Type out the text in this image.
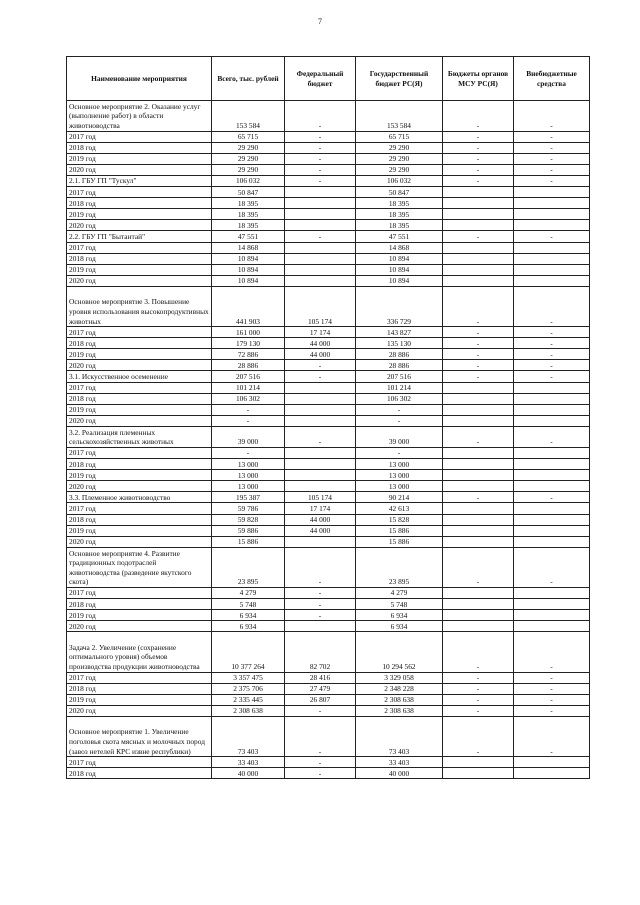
7
Наименование мероприятия	Всего, тыс. рублей	Федеральный бюджет	Государственный бюджет РС(Я)	Бюджеты органов МСУ РС(Я)	Внебюджетные средства
Основное мероприятие 2. Оказание услуг (выполнение работ) в области животноводства	153 584	-	153 584	-	-
2017 год	65 715	-	65 715	-	-
2018 год	29 290	-	29 290	-	-
2019 год	29 290	-	29 290	-	-
2020 год	29 290	-	29 290	-	-
2.1. ГБУ ГП "Тускул"	106 032	-	106 032	-	-
2017 год	50 847		50 847		
2018 год	18 395		18 395		
2019 год	18 395		18 395		
2020 год	18 395		18 395		
2.2. ГБУ ГП "Бытантай"	47 551	-	47 551	-	-
2017 год	14 868		14 868		
2018 год	10 894		10 894		
2019 год	10 894		10 894		
2020 год	10 894		10 894		
Основное мероприятие 3. Повышение уровня использования высокопродуктивных животных	441 903	105 174	336 729	-	-
2017 год	161 000	17 174	143 827	-	-
2018 год	179 130	44 000	135 130	-	-
2019 год	72 886	44 000	28 886	-	-
2020 год	28 886	-	28 886	-	-
3.1. Искусственное осеменение	207 516	-	207 516	-	-
2017 год	101 214		101 214		
2018 год	106 302		106 302		
2019 год	-		-		
2020 год	-		-		
3.2. Реализация племенных сельскохозяйственных животных	39 000	-	39 000	-	-
2017 год	-		-		
2018 год	13 000		13 000		
2019 год	13 000		13 000		
2020 год	13 000		13 000		
3.3. Племенное животноводство	195 387	105 174	90 214	-	-
2017 год	59 786	17 174	42 613		
2018 год	59 828	44 000	15 828		
2019 год	59 886	44 000	15 886		
2020 год	15 886		15 886		
Основное мероприятие 4. Развитие традиционных подотраслей животноводства (разведение якутского скота)	23 895	-	23 895	-	-
2017 год	4 279	-	4 279		
2018 год	5 748	-	5 748		
2019 год	6 934	-	6 934		
2020 год	6 934		6 934		
Задача 2. Увеличение (сохранение оптимального уровня) объемов производства продукции животноводства	10 377 264	82 702	10 294 562	-	-
2017 год	3 357 475	28 416	3 329 058	-	-
2018 год	2 375 706	27 479	2 348 228	-	-
2019 год	2 335 445	26 807	2 308 638	-	-
2020 год	2 308 638	-	2 308 638	-	-
Основное мероприятие 1. Увеличение поголовья скота мясных и молочных пород (завоз нетелей КРС извне республики)	73 403	-	73 403	-	-
2017 год	33 403	-	33 403		
2018 год	40 000	-	40 000		
